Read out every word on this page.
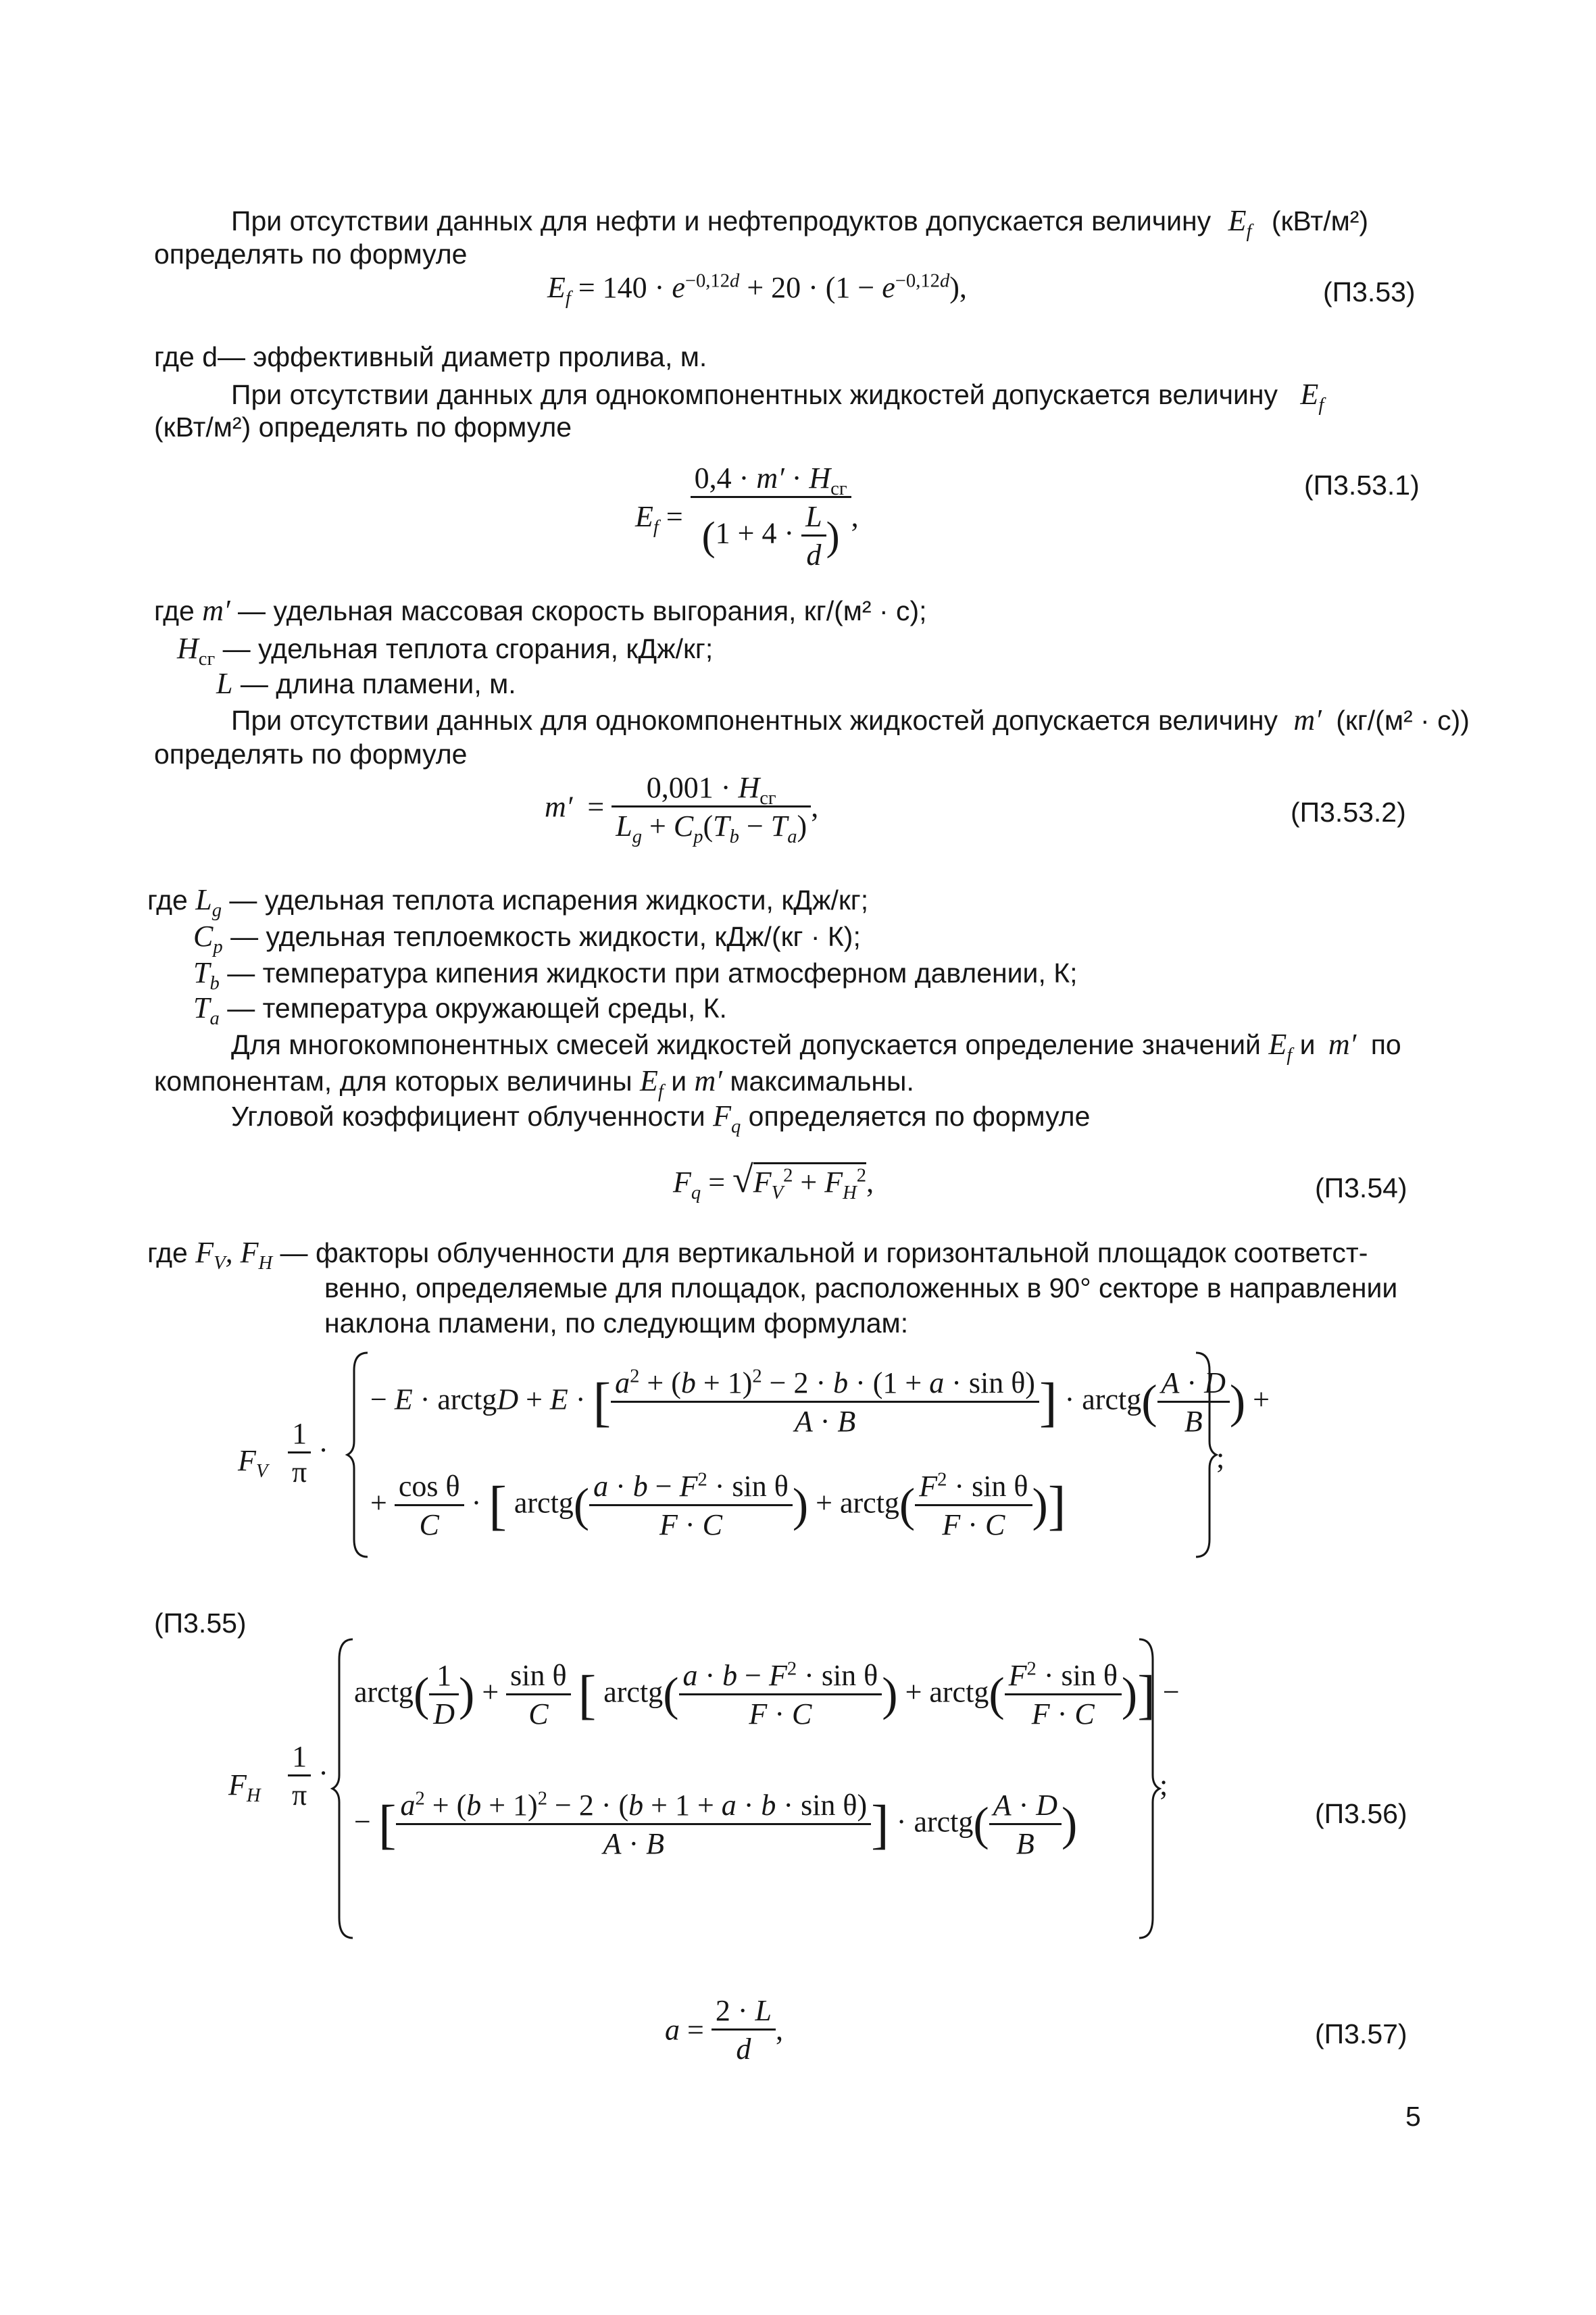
При отсутствии данных для нефти и нефтепродуктов допускается величину $E_f$ (кВт/м²)
определять по формуле
$E_f = 140 \cdot e^{-0,12d} + 20 \cdot (1 - e^{-0,12d})$,	(П3.53)
где d— эффективный диаметр пролива, м.
При отсутствии данных для однокомпонентных жидкостей допускается величину $E_f$
(кВт/м²) определять по формуле
$E_f = \frac{0,4 \cdot m' \cdot H_{сг}}{(1 + 4 \cdot \frac{L}{d} )}$ ,
(П3.53.1)
где m′ — удельная массовая скорость выгорания, кг/(м² · с);
$H_{сг}$ — удельная теплота сгорания, кДж/кг;
L — длина пламени, м.
При отсутствии данных для однокомпонентных жидкостей допускается величину m′ (кг/(м² · с))
определять по формуле
$m' = \frac{0,001 \cdot H_{сг}}{L_g + C_p(T_b - T_a)}$ ,	(П3.53.2)
где $L_g$ — удельная теплота испарения жидкости, кДж/кг;
$C_p$ — удельная теплоемкость жидкости, кДж/(кг · К);
$T_b$ — температура кипения жидкости при атмосферном давлении, К;
$T_a$ — температура окружающей среды, К.
Для многокомпонентных смесей жидкостей допускается определение значений $E_f$ и m′ по
компонентам, для которых величины $E_f$ и m′ максимальны.
Угловой коэффициент облученности $F_q$ определяется по формуле
$F_q = √F_V^2 + F_H^2$,	(П3.54)
где $F_V$, $F_H$ — факторы облученности для вертикальной и горизонтальной площадок соответст-
венно, определяемые для площадок, расположенных в 90° секторе в направлении
наклона пламени, по следующим формулам:
$F_V \frac{1}{\pi}$ ·
− E · arctgD + E · [ $\frac{a^2 + (b + 1)^2 - 2 \cdot b \cdot (1 + a \cdot \sin \theta)}{A \cdot B}$ ] · arctg( $\frac{A \cdot D}{B}$ ) +
+ $\frac{\text{cos θ}}{C}$ · [ arctg( $\frac{a \cdot b - F^2 \cdot \sin \theta}{F \cdot C}$ ) + arctg( $\frac{F^2 \cdot \sin \theta}{F \cdot C}$ )]
;
(П3.55)
$F_H \frac{1}{\pi}$ ·
arctg( $\frac{1}{D}$ ) + $\frac{\text{sin θ}}{C}$ [ arctg( $\frac{a \cdot b - F^2 \cdot \sin \theta}{F \cdot C}$ ) + arctg( $\frac{F^2 \cdot \sin \theta}{F \cdot C}$ )] −
− [ $\frac{a^2 + (b + 1)^2 - 2 \cdot (b + 1 + a \cdot b \cdot \sin \theta)}{A \cdot B}$ ] · arctg( $\frac{A \cdot D}{B}$ )
;
(П3.56)
$a = \frac{2 \cdot L}{d}$ ,	(П3.57)
5
